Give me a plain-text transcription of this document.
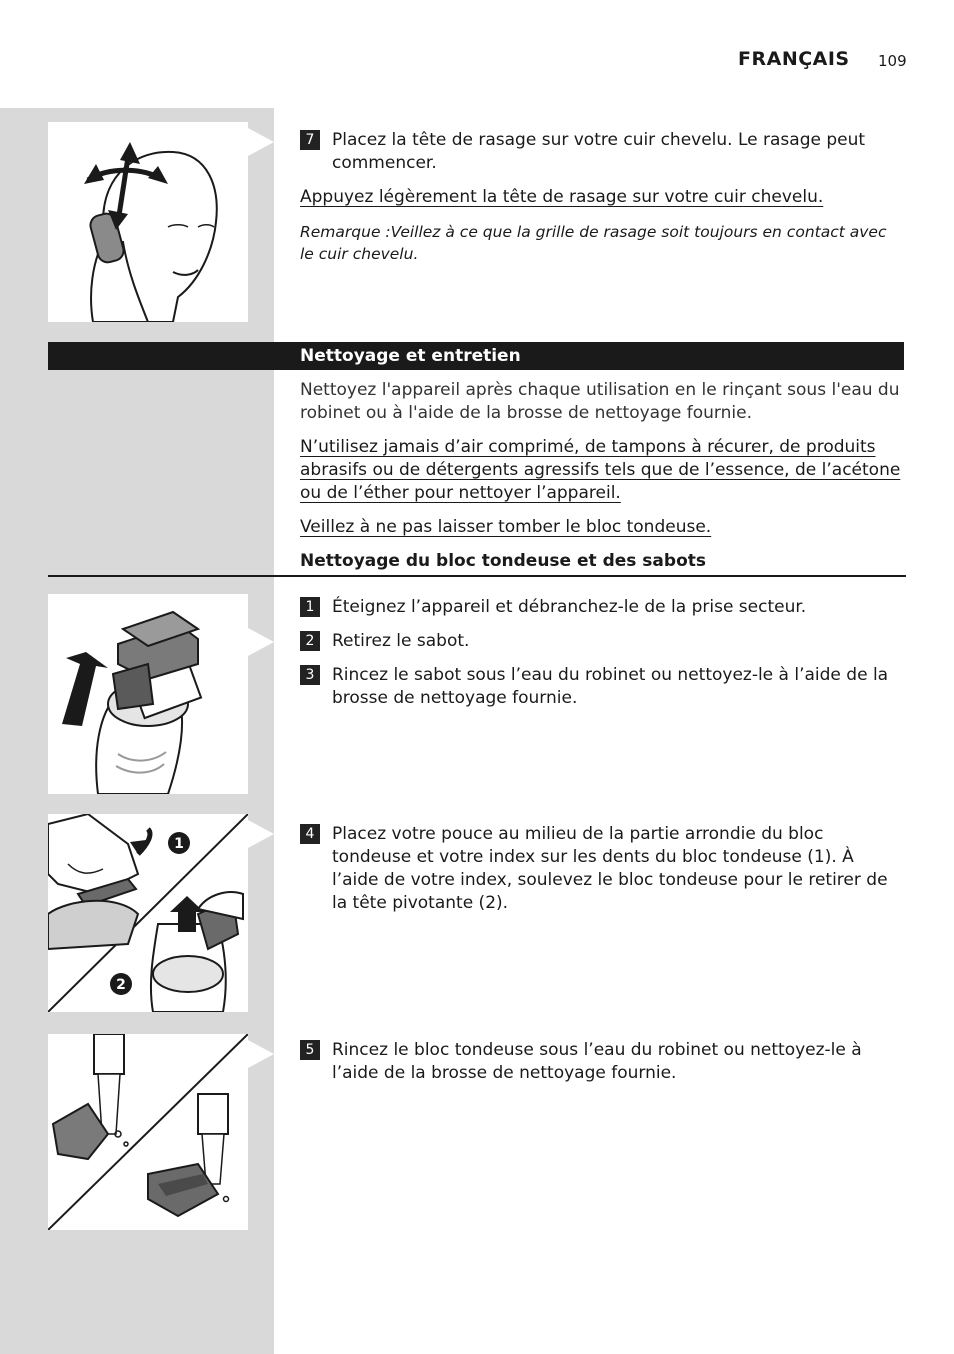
FRANÇAIS 109
7	Placez la tête de rasage sur votre cuir chevelu. Le rasage peut commencer.

Appuyez légèrement la tête de rasage sur votre cuir chevelu.

Remarque :Veillez à ce que la grille de rasage soit toujours en contact avec le cuir chevelu.

Nettoyage et entretien

Nettoyez l'appareil après chaque utilisation en le rinçant sous l'eau du robinet ou à l'aide de la brosse de nettoyage fournie.

N’utilisez jamais d’air comprimé, de tampons à récurer, de produits abrasifs ou de détergents agressifs tels que de l’essence, de l’acétone ou de l’éther pour nettoyer l’appareil.

Veillez à ne pas laisser tomber le bloc tondeuse.

Nettoyage du bloc tondeuse et des sabots
1	Éteignez l’appareil et débranchez-le de la prise secteur.
2	Retirez le sabot.
3	Rincez le sabot sous l’eau du robinet ou nettoyez-le à l’aide de la brosse de nettoyage fournie.
1
2
4	Placez votre pouce au milieu de la partie arrondie du bloc tondeuse et votre index sur les dents du bloc tondeuse (1). À l’aide de votre index, soulevez le bloc tondeuse pour le retirer de la tête pivotante (2).
5	Rincez le bloc tondeuse sous l’eau du robinet ou nettoyez-le à l’aide de la brosse de nettoyage fournie.
